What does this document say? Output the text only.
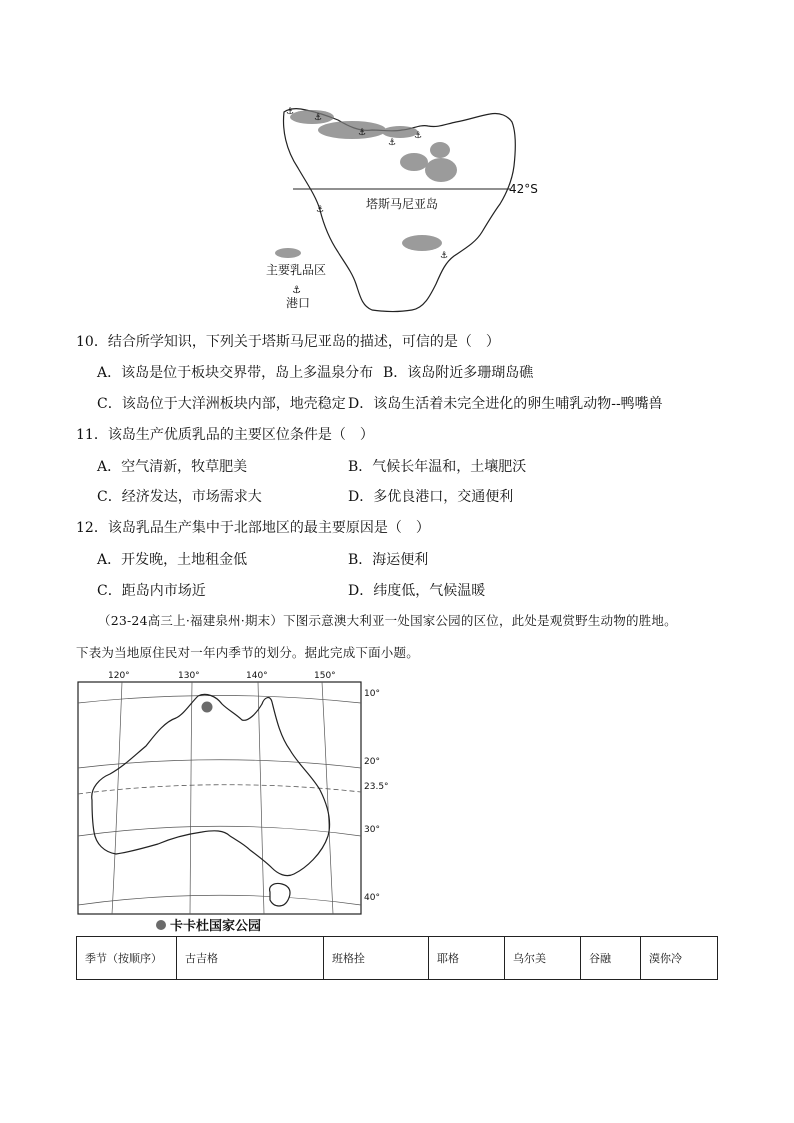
⚓
⚓
⚓
⚓
⚓
⚓
⚓
42°S
塔斯马尼亚岛
主要乳品区
⚓
港口
10．结合所学知识，下列关于塔斯马尼亚岛的描述，可信的是（　）
A．该岛是位于板块交界带，岛上多温泉分布 B．该岛附近多珊瑚岛礁
C．该岛位于大洋洲板块内部，地壳稳定 D．该岛生活着未完全进化的卵生哺乳动物--鸭嘴兽
11．该岛生产优质乳品的主要区位条件是（　）
A．空气清新，牧草肥美	B．气候长年温和，土壤肥沃
C．经济发达，市场需求大	D．多优良港口，交通便利
12．该岛乳品生产集中于北部地区的最主要原因是（　）
A．开发晚，土地租金低	B．海运便利
C．距岛内市场近	D．纬度低，气候温暖
（23-24高三上·福建泉州·期末）下图示意澳大利亚一处国家公园的区位，此处是观赏野生动物的胜地。
下表为当地原住民对一年内季节的划分。据此完成下面小题。
120°	130°	140°	150°
10°
20°
23.5°
30°
40°
卡卡杜国家公园
季节（按顺序）	古吉格	班格拴	耶格	乌尔美	谷融	漠你冷
